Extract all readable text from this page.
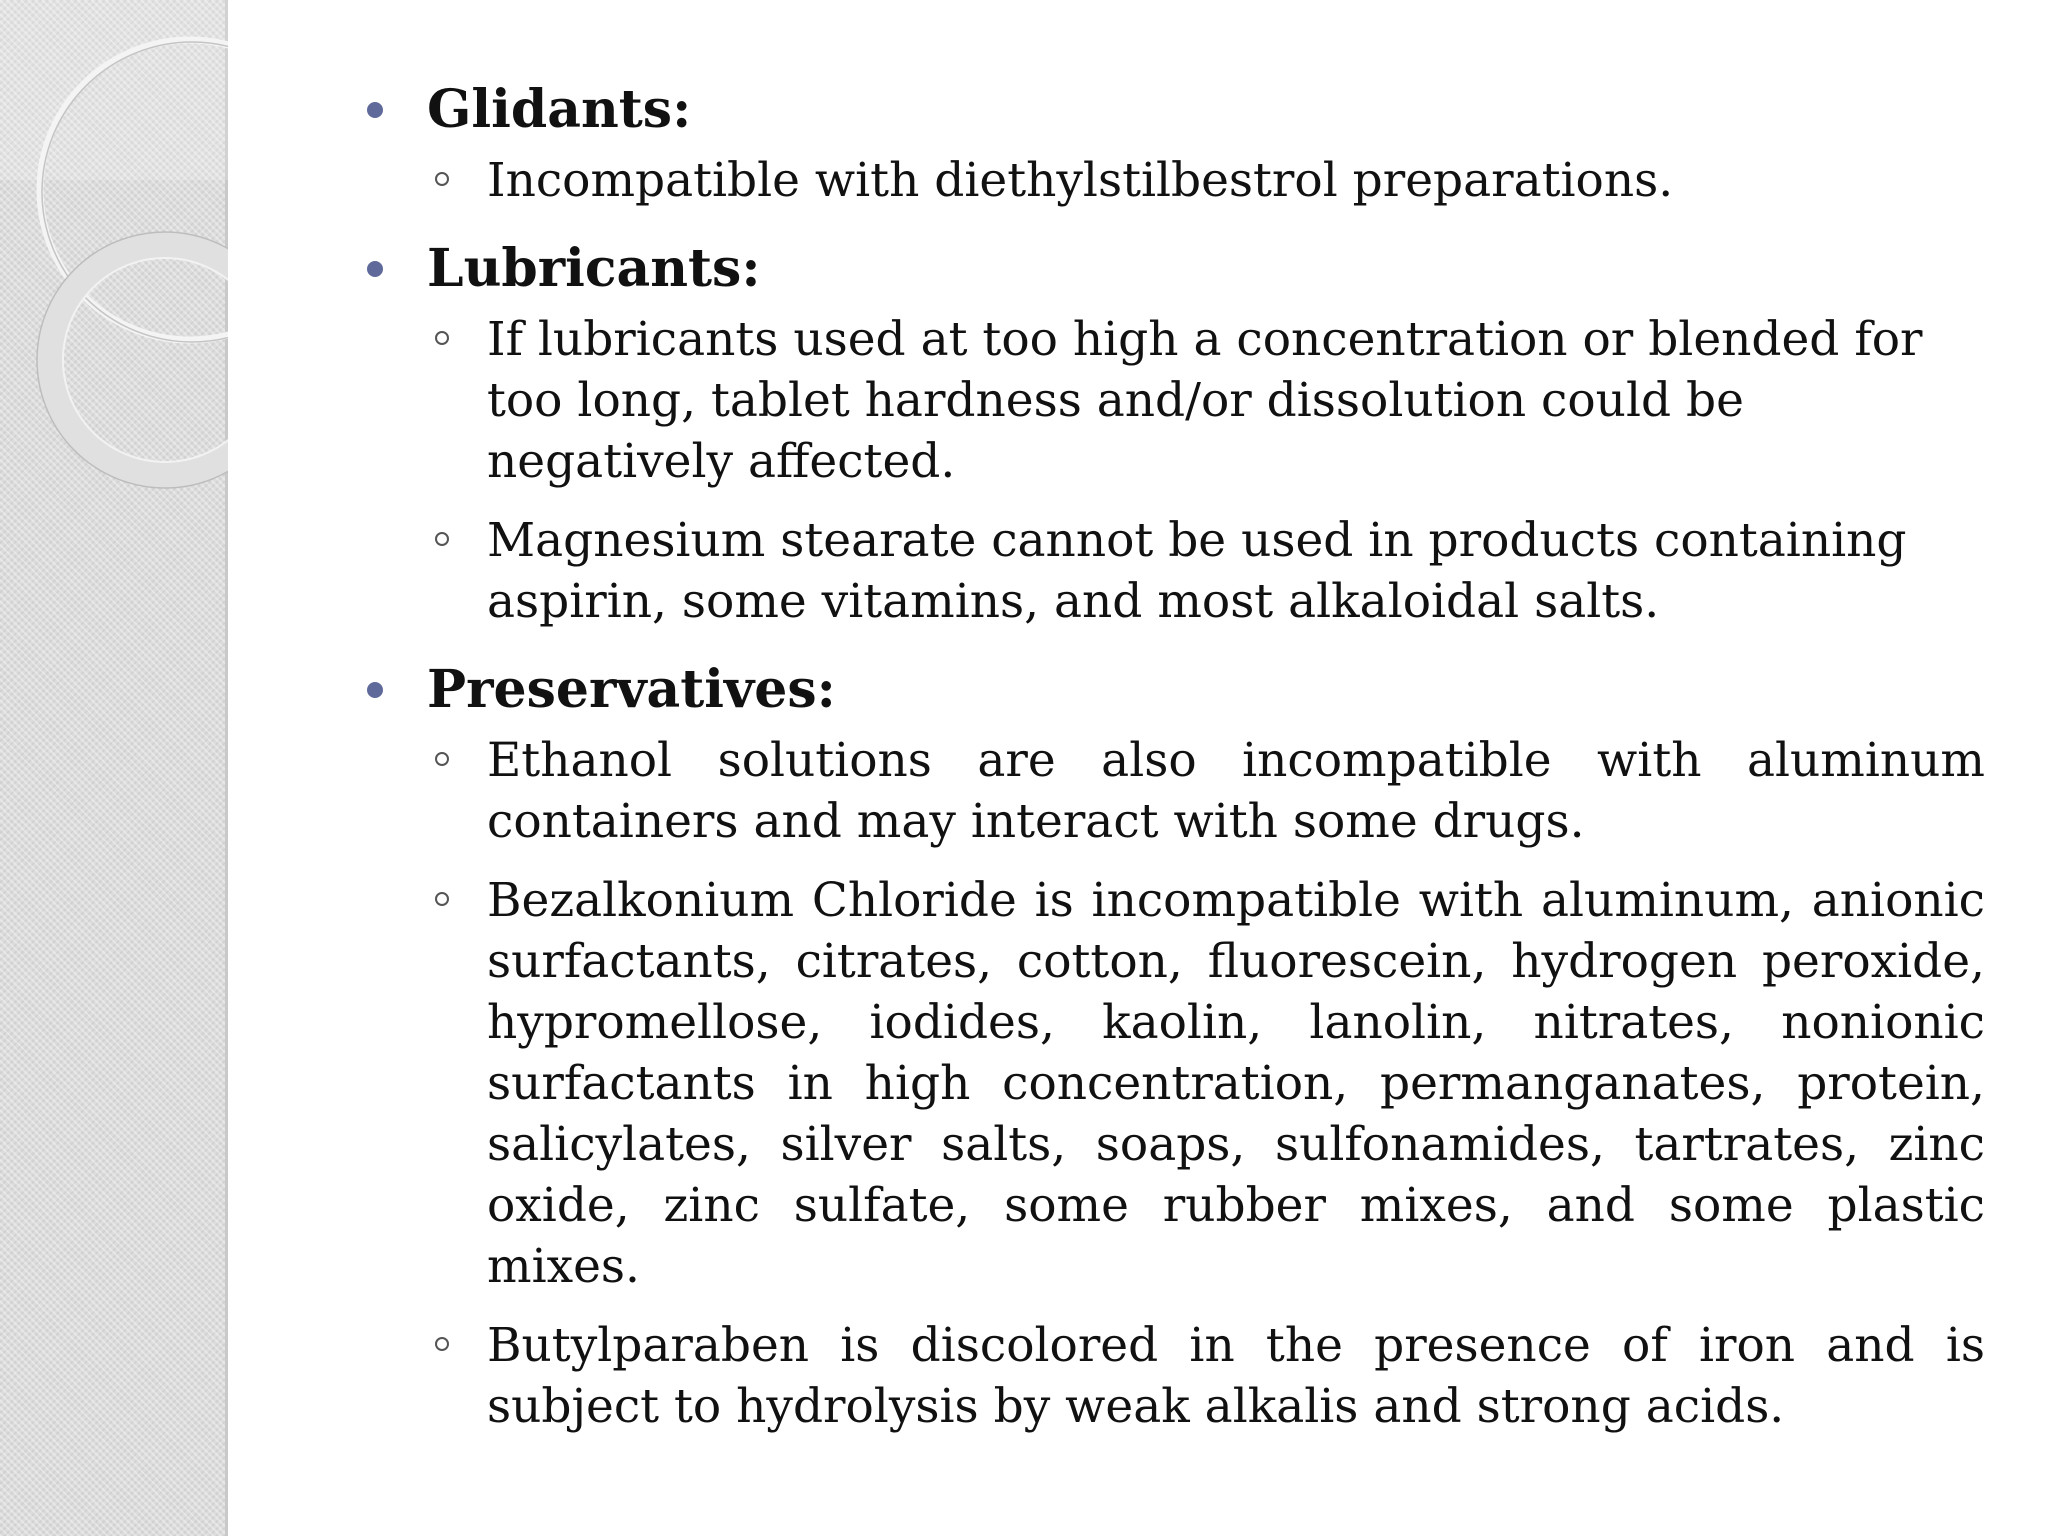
Glidants:
Incompatible with diethylstilbestrol preparations.
Lubricants:
If lubricants used at too high a concentration or blended for too long, tablet hardness and/or dissolution could be negatively affected.
Magnesium stearate cannot be used in products containing aspirin, some vitamins, and most alkaloidal salts.
Preservatives:
Ethanol solutions are also incompatible with aluminum containers and may interact with some drugs.
Bezalkonium Chloride is incompatible with aluminum, anionic surfactants, citrates, cotton, fluorescein, hydrogen peroxide, hypromellose, iodides, kaolin, lanolin, nitrates, nonionic surfactants in high concentration, permanganates, protein, salicylates, silver salts, soaps, sulfonamides, tartrates, zinc oxide, zinc sulfate, some rubber mixes, and some plastic mixes.
Butylparaben is discolored in the presence of iron and is subject to hydrolysis by weak alkalis and strong acids.
